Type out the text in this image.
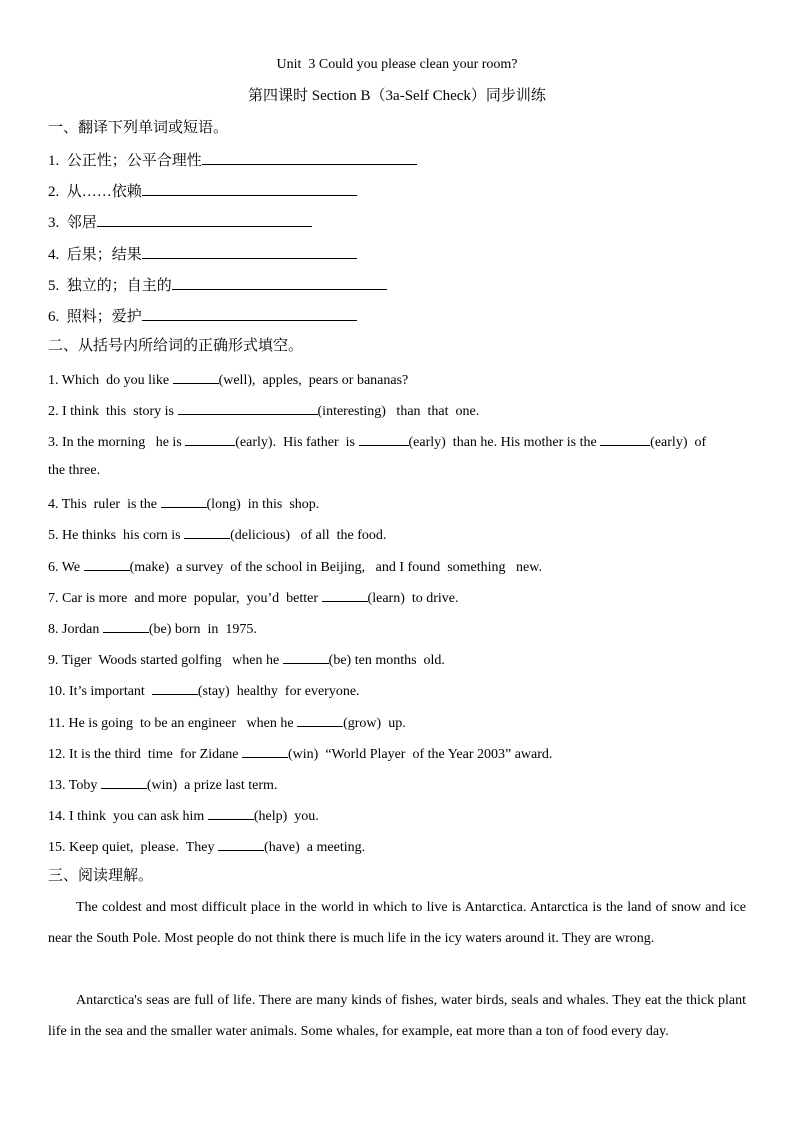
Unit  3 Could you please clean your room?
第四课时 Section B（3a-Self Check）同步训练
一、翻译下列单词或短语。
1.  公正性；公平合理性
2.  从……依赖
3.  邻居
4.  后果；结果
5.  独立的；自主的
6.  照料；爱护
二、从括号内所给词的正确形式填空。
1. Which  do you like	(well),  apples,  pears or bananas?
2. I think  this  story is	(interesting)   than  that  one.
3. In the morning   he is	(early).  His father  is	(early)  than he. His mother is the	(early)  of
the three.
4. This  ruler  is the	(long)  in this  shop.
5. He thinks  his corn is	(delicious)   of all  the food.
6. We	(make)  a survey  of the school in Beijing,   and I found  something   new.
7. Car is more  and more  popular,  you’d  better	(learn)  to drive.
8. Jordan	(be) born  in  1975.
9. Tiger  Woods started golfing   when he	(be) ten months  old.
10. It’s important	(stay)  healthy  for everyone.
11. He is going  to be an engineer   when he	(grow)  up.
12. It is the third  time  for Zidane	(win)  “World Player  of the Year 2003” award.
13. Toby	(win)  a prize last term.
14. I think  you can ask him	(help)  you.
15. Keep quiet,  please.  They	(have)  a meeting.
三、阅读理解。
The coldest and most difficult place in the world in which to live is Antarctica. Antarctica is the land of snow and ice near the South Pole. Most people do not think there is much life in the icy waters around it. They are wrong.
Antarctica's seas are full of life. There are many kinds of fishes, water birds, seals and whales. They eat the thick plant life in the sea and the smaller water animals. Some whales, for example, eat more than a ton of food every day.
